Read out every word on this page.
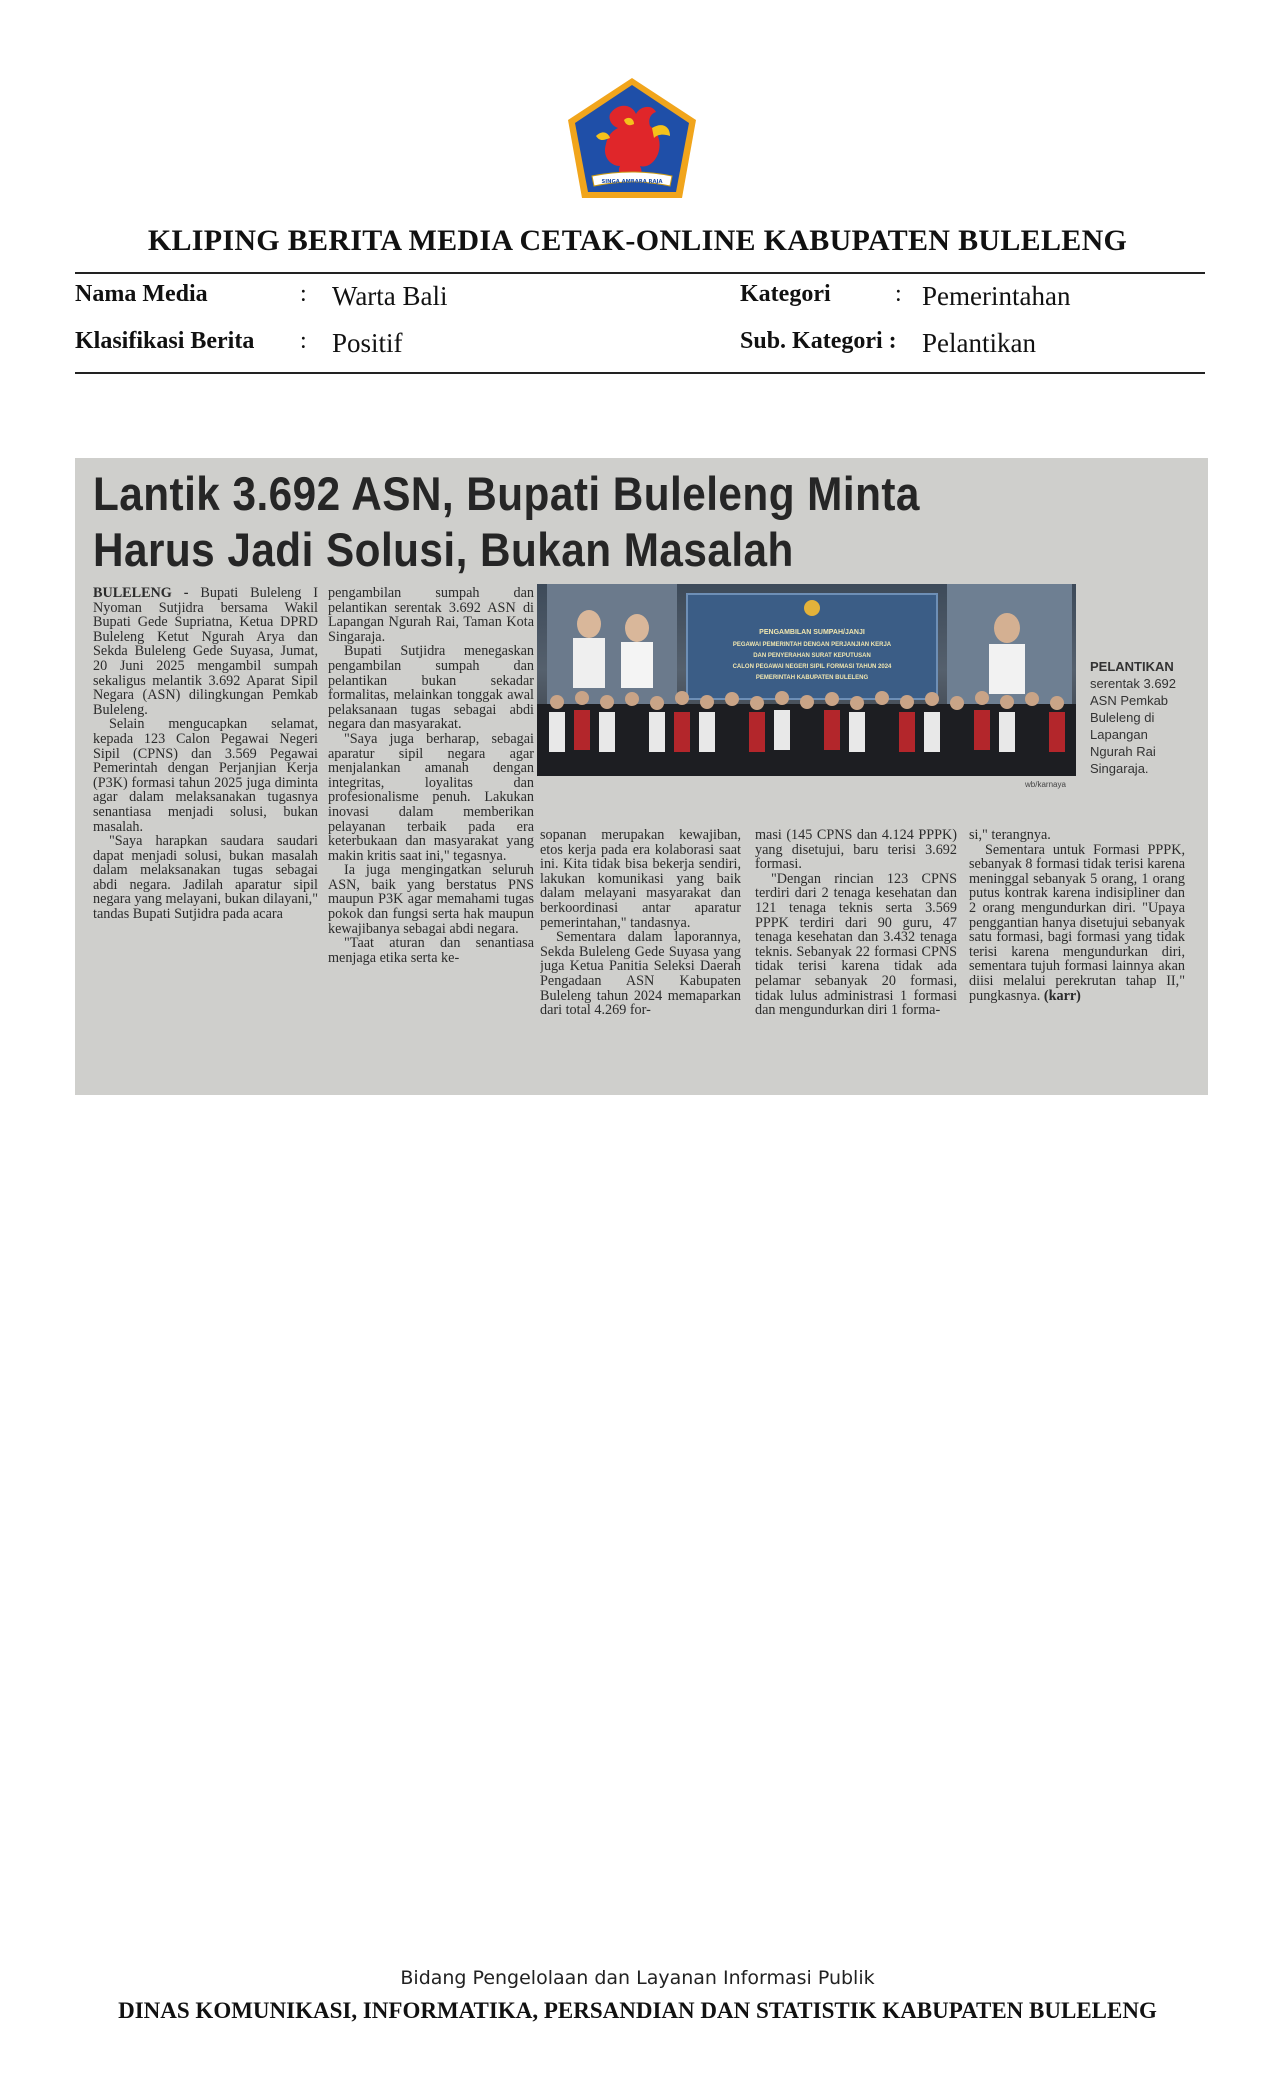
SINGA AMBARA RAJA
KLIPING BERITA MEDIA CETAK-ONLINE KABUPATEN BULELENG
Nama Media	: Warta Bali
Klasifikasi Berita : Positif
Kategori	: Pemerintahan
Sub. Kategori : Pelantikan
Lantik 3.692 ASN, Bupati Buleleng Minta
Harus Jadi Solusi, Bukan Masalah

BULELENG - Bupati Buleleng I Nyoman Sutjidra bersama Wakil Bupati Gede Supriatna, Ketua DPRD Buleleng Ketut Ngurah Arya dan Sekda Buleleng Gede Suyasa, Jumat, 20 Juni 2025 mengambil sumpah sekaligus melantik 3.692 Aparat Sipil Negara (ASN) dilingkungan Pemkab Buleleng.

Selain mengucapkan selamat, kepada 123 Calon Pegawai Negeri Sipil (CPNS) dan 3.569 Pegawai Pemerintah dengan Perjanjian Kerja (P3K) formasi tahun 2025 juga diminta agar dalam melaksanakan tugasnya senantiasa menjadi solusi, bukan masalah.

"Saya harapkan saudara saudari dapat menjadi solusi, bukan masalah dalam melaksanakan tugas sebagai abdi negara. Jadilah aparatur sipil negara yang melayani, bukan dilayani," tandas Bupati Sutjidra pada acara

pengambilan sumpah dan pelantikan serentak 3.692 ASN di Lapangan Ngurah Rai, Taman Kota Singaraja.

Bupati Sutjidra menegaskan pengambilan sumpah dan pelantikan bukan sekadar formalitas, melainkan tonggak awal pelaksanaan tugas sebagai abdi negara dan masyarakat.

"Saya juga berharap, sebagai aparatur sipil negara agar menjalankan amanah dengan integritas, loyalitas dan profesionalisme penuh. Lakukan inovasi dalam memberikan pelayanan terbaik pada era keterbukaan dan masyarakat yang makin kritis saat ini," tegasnya.

Ia juga mengingatkan seluruh ASN, baik yang berstatus PNS maupun P3K agar memahami tugas pokok dan fungsi serta hak maupun kewajibanya sebagai abdi negara.

"Taat aturan dan senantiasa menjaga etika serta ke-

PENGAMBILAN SUMPAH/JANJI
PEGAWAI PEMERINTAH DENGAN PERJANJIAN KERJA
DAN PENYERAHAN SURAT KEPUTUSAN
CALON PEGAWAI NEGERI SIPIL FORMASI TAHUN 2024
PEMERINTAH KABUPATEN BULELENG
wb/karnaya
PELANTIKAN
serentak 3.692 ASN Pemkab Buleleng di Lapangan Ngurah Rai Singaraja.

sopanan merupakan kewajiban, etos kerja pada era kolaborasi saat ini. Kita tidak bisa bekerja sendiri, lakukan komunikasi yang baik dalam melayani masyarakat dan berkoordinasi antar aparatur pemerintahan," tandasnya.

Sementara dalam laporannya, Sekda Buleleng Gede Suyasa yang juga Ketua Panitia Seleksi Daerah Pengadaan ASN Kabupaten Buleleng tahun 2024 memaparkan dari total 4.269 for-

masi (145 CPNS dan 4.124 PPPK) yang disetujui, baru terisi 3.692 formasi.

"Dengan rincian 123 CPNS terdiri dari 2 tenaga kesehatan dan 121 tenaga teknis serta 3.569 PPPK terdiri dari 90 guru, 47 tenaga kesehatan dan 3.432 tenaga teknis. Sebanyak 22 formasi CPNS tidak terisi karena tidak ada pelamar sebanyak 20 formasi, tidak lulus administrasi 1 formasi dan mengundurkan diri 1 forma-

si," terangnya.

Sementara untuk Formasi PPPK, sebanyak 8 formasi tidak terisi karena meninggal sebanyak 5 orang, 1 orang putus kontrak karena indisipliner dan 2 orang mengundurkan diri. "Upaya penggantian hanya disetujui sebanyak satu formasi, bagi formasi yang tidak terisi karena mengundurkan diri, sementara tujuh formasi lainnya akan diisi melalui perekrutan tahap II," pungkasnya. (karr)

Bidang Pengelolaan dan Layanan Informasi Publik
DINAS KOMUNIKASI, INFORMATIKA, PERSANDIAN DAN STATISTIK KABUPATEN BULELENG
